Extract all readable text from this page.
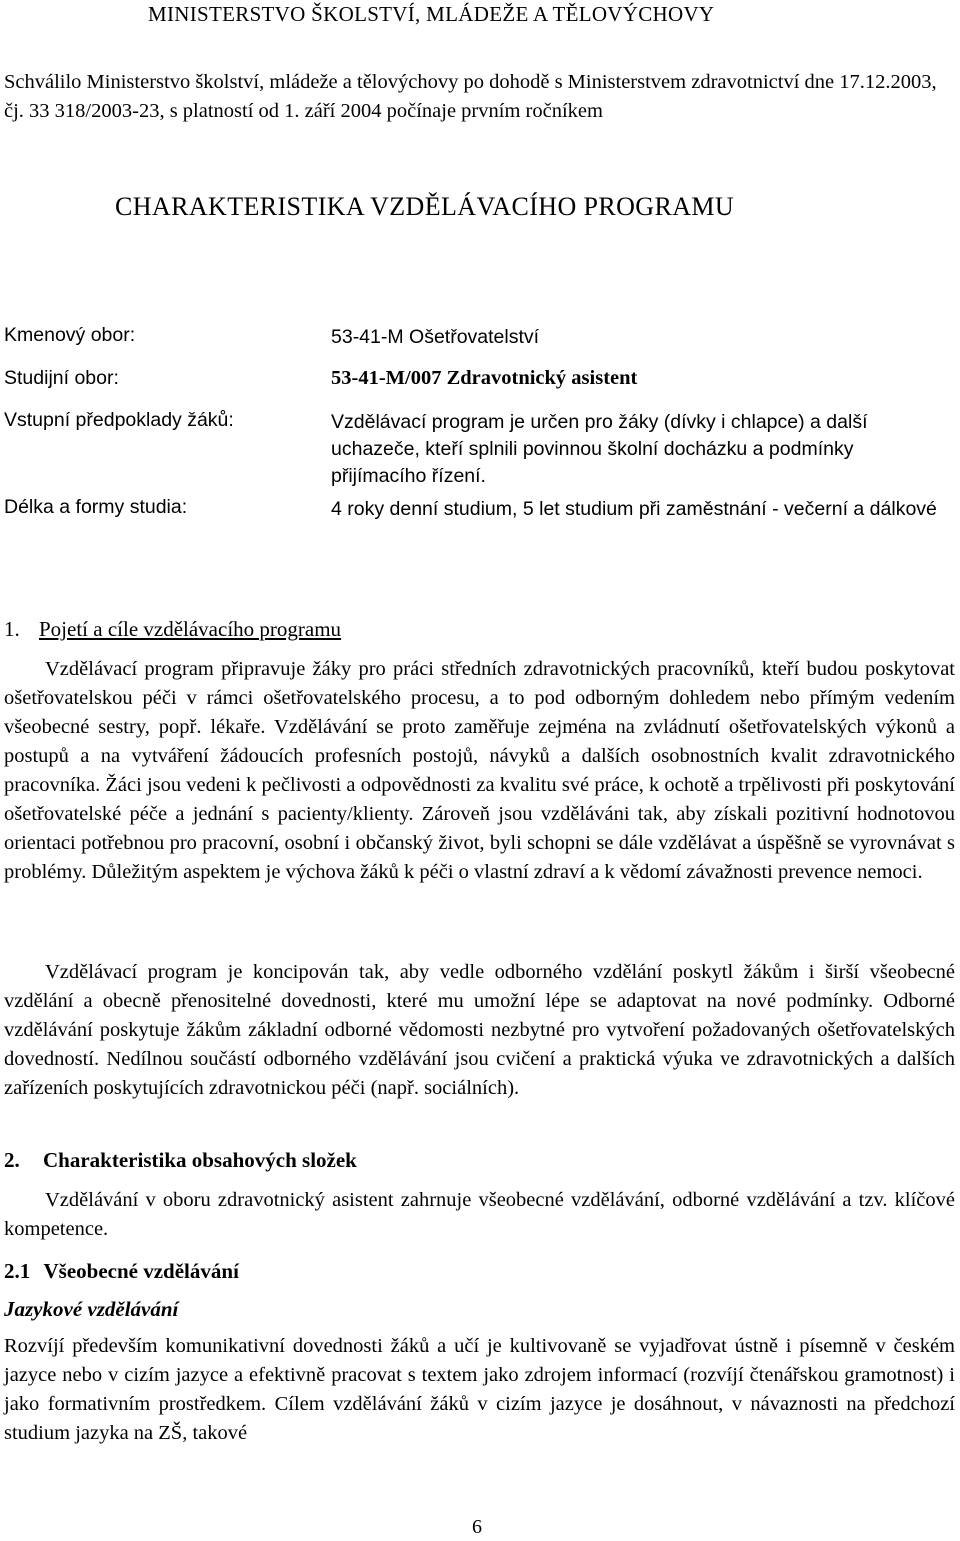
MINISTERSTVO ŠKOLSTVÍ, MLÁDEŽE A TĚLOVÝCHOVY
Schválilo Ministerstvo školství, mládeže a tělovýchovy po dohodě s Ministerstvem zdravotnictví dne 17.12.2003, čj. 33 318/2003-23, s platností od 1. září 2004 počínaje prvním ročníkem
CHARAKTERISTIKA VZDĚLÁVACÍHO PROGRAMU
Kmenový obor:	53-41-M Ošetřovatelství
Studijní obor:	53-41-M/007 Zdravotnický asistent
Vstupní předpoklady žáků:	Vzdělávací program je určen pro žáky (dívky i chlapce) a další uchazeče, kteří splnili povinnou školní docházku a podmínky přijímacího řízení.
Délka a formy studia:	4 roky denní studium, 5 let studium při zaměstnání - večerní a dálkové
1. Pojetí a cíle vzdělávacího programu
Vzdělávací program připravuje žáky pro práci středních zdravotnických pracovníků, kteří budou poskytovat ošetřovatelskou péči v rámci ošetřovatelského procesu, a to pod odborným dohledem nebo přímým vedením všeobecné sestry, popř. lékaře. Vzdělávání se proto zaměřuje zejména na zvládnutí ošetřovatelských výkonů a postupů a na vytváření žádoucích profesních postojů, návyků a dalších osobnostních kvalit zdravotnického pracovníka. Žáci jsou vedeni k pečlivosti a odpovědnosti za kvalitu své práce, k ochotě a trpělivosti při poskytování ošetřovatelské péče a jednání s pacienty/klienty. Zároveň jsou vzděláváni tak, aby získali pozitivní hodnotovou orientaci potřebnou pro pracovní, osobní i občanský život, byli schopni se dále vzdělávat a úspěšně se vyrovnávat s problémy. Důležitým aspektem je výchova žáků k péči o vlastní zdraví a k vědomí závažnosti prevence nemoci.
Vzdělávací program je koncipován tak, aby vedle odborného vzdělání poskytl žákům i širší všeobecné vzdělání a obecně přenositelné dovednosti, které mu umožní lépe se adaptovat na nové podmínky. Odborné vzdělávání poskytuje žákům základní odborné vědomosti nezbytné pro vytvoření požadovaných ošetřovatelských dovedností. Nedílnou součástí odborného vzdělávání jsou cvičení a praktická výuka ve zdravotnických a dalších zařízeních poskytujících zdravotnickou péči (např. sociálních).
2. Charakteristika obsahových složek
Vzdělávání v oboru zdravotnický asistent zahrnuje všeobecné vzdělávání, odborné vzdělávání a tzv. klíčové kompetence.
2.1 Všeobecné vzdělávání
Jazykové vzdělávání
Rozvíjí především komunikativní dovednosti žáků a učí je kultivovaně se vyjadřovat ústně i písemně v českém jazyce nebo v cizím jazyce a efektivně pracovat s textem jako zdrojem informací (rozvíjí čtenářskou gramotnost) i jako formativním prostředkem. Cílem vzdělávání žáků v cizím jazyce je dosáhnout, v návaznosti na předchozí studium jazyka na ZŠ, takové
6
